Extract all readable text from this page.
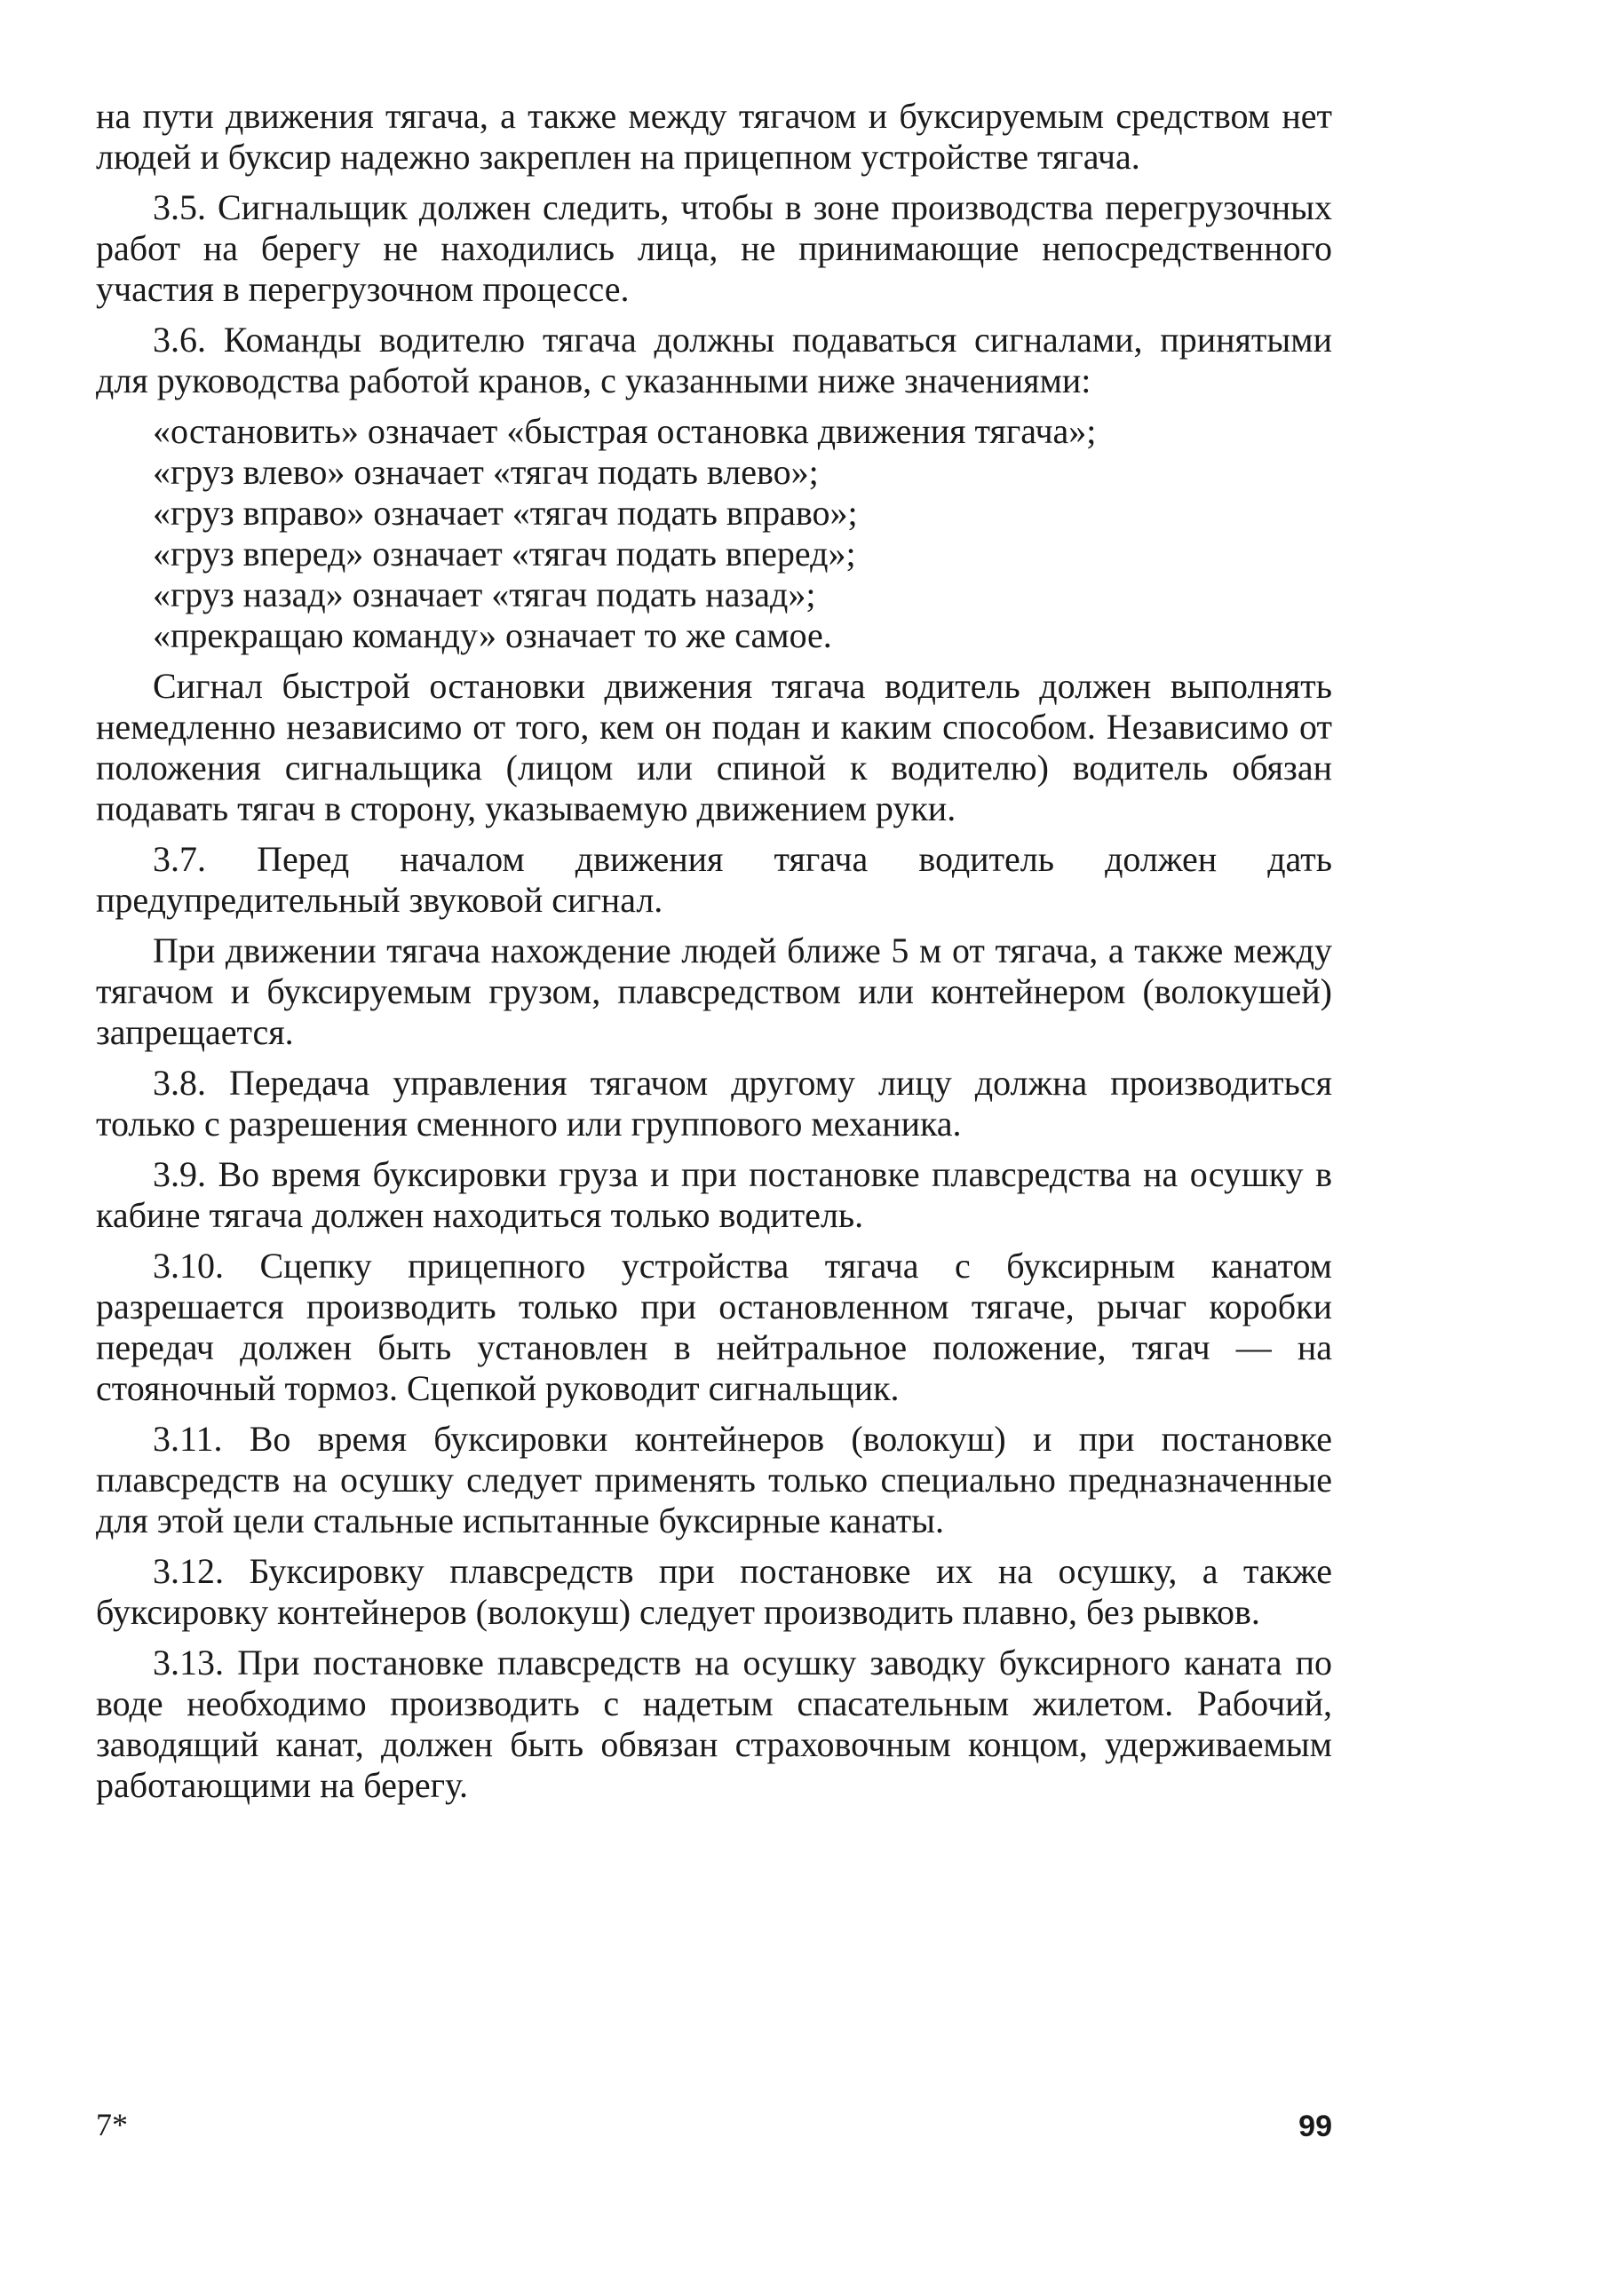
на пути движения тягача, а также между тягачом и буксируемым средством нет людей и буксир надежно закреплен на прицепном устройстве тягача.

3.5. Сигнальщик должен следить, чтобы в зоне производства перегрузочных работ на берегу не находились лица, не принимающие непосредственного участия в перегрузочном процессе.

3.6. Команды водителю тягача должны подаваться сигналами, принятыми для руководства работой кранов, с указанными ниже значениями:

«остановить» означает «быстрая остановка движения тягача»;
«груз влево» означает «тягач подать влево»;
«груз вправо» означает «тягач подать вправо»;
«груз вперед» означает «тягач подать вперед»;
«груз назад» означает «тягач подать назад»;
«прекращаю команду» означает то же самое.

Сигнал быстрой остановки движения тягача водитель должен выполнять немедленно независимо от того, кем он подан и каким способом. Независимо от положения сигнальщика (лицом или спиной к водителю) водитель обязан подавать тягач в сторону, указываемую движением руки.

3.7. Перед началом движения тягача водитель должен дать предупредительный звуковой сигнал.

При движении тягача нахождение людей ближе 5 м от тягача, а также между тягачом и буксируемым грузом, плавсредством или контейнером (волокушей) запрещается.

3.8. Передача управления тягачом другому лицу должна производиться только с разрешения сменного или группового механика.

3.9. Во время буксировки груза и при постановке плавсредства на осушку в кабине тягача должен находиться только водитель.

3.10. Сцепку прицепного устройства тягача с буксирным канатом разрешается производить только при остановленном тягаче, рычаг коробки передач должен быть установлен в нейтральное положение, тягач — на стояночный тормоз. Сцепкой руководит сигнальщик.

3.11. Во время буксировки контейнеров (волокуш) и при постановке плавсредств на осушку следует применять только специально предназначенные для этой цели стальные испытанные буксирные канаты.

3.12. Буксировку плавсредств при постановке их на осушку, а также буксировку контейнеров (волокуш) следует производить плавно, без рывков.

3.13. При постановке плавсредств на осушку заводку буксирного каната по воде необходимо производить с надетым спасательным жилетом. Рабочий, заводящий канат, должен быть обвязан страховочным концом, удерживаемым работающими на берегу.

7*	99
